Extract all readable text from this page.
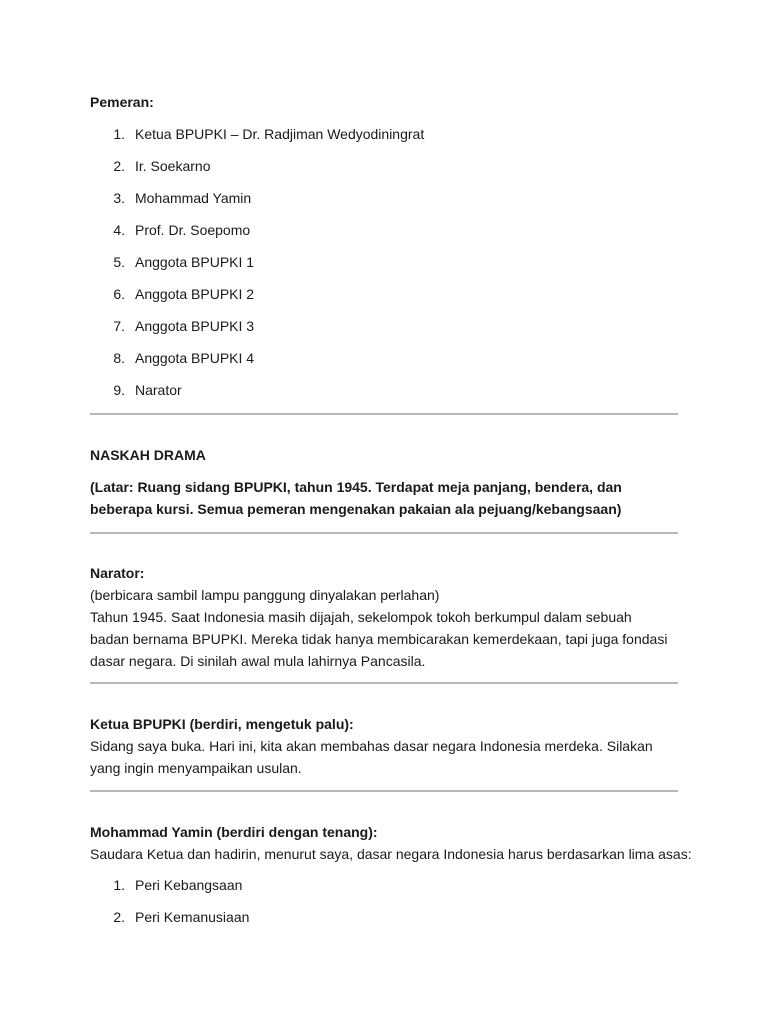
Pemeran:

1. Ketua BPUPKI – Dr. Radjiman Wedyodiningrat
2. Ir. Soekarno
3. Mohammad Yamin
4. Prof. Dr. Soepomo
5. Anggota BPUPKI 1
6. Anggota BPUPKI 2
7. Anggota BPUPKI 3
8. Anggota BPUPKI 4
9. Narator

NASKAH DRAMA

(Latar: Ruang sidang BPUPKI, tahun 1945. Terdapat meja panjang, bendera, dan beberapa kursi. Semua pemeran mengenakan pakaian ala pejuang/kebangsaan)

Narator:

(berbicara sambil lampu panggung dinyalakan perlahan)

Tahun 1945. Saat Indonesia masih dijajah, sekelompok tokoh berkumpul dalam sebuah badan bernama BPUPKI. Mereka tidak hanya membicarakan kemerdekaan, tapi juga fondasi dasar negara. Di sinilah awal mula lahirnya Pancasila.

Ketua BPUPKI (berdiri, mengetuk palu):

Sidang saya buka. Hari ini, kita akan membahas dasar negara Indonesia merdeka. Silakan yang ingin menyampaikan usulan.

Mohammad Yamin (berdiri dengan tenang):

Saudara Ketua dan hadirin, menurut saya, dasar negara Indonesia harus berdasarkan lima asas:

1. Peri Kebangsaan
2. Peri Kemanusiaan
